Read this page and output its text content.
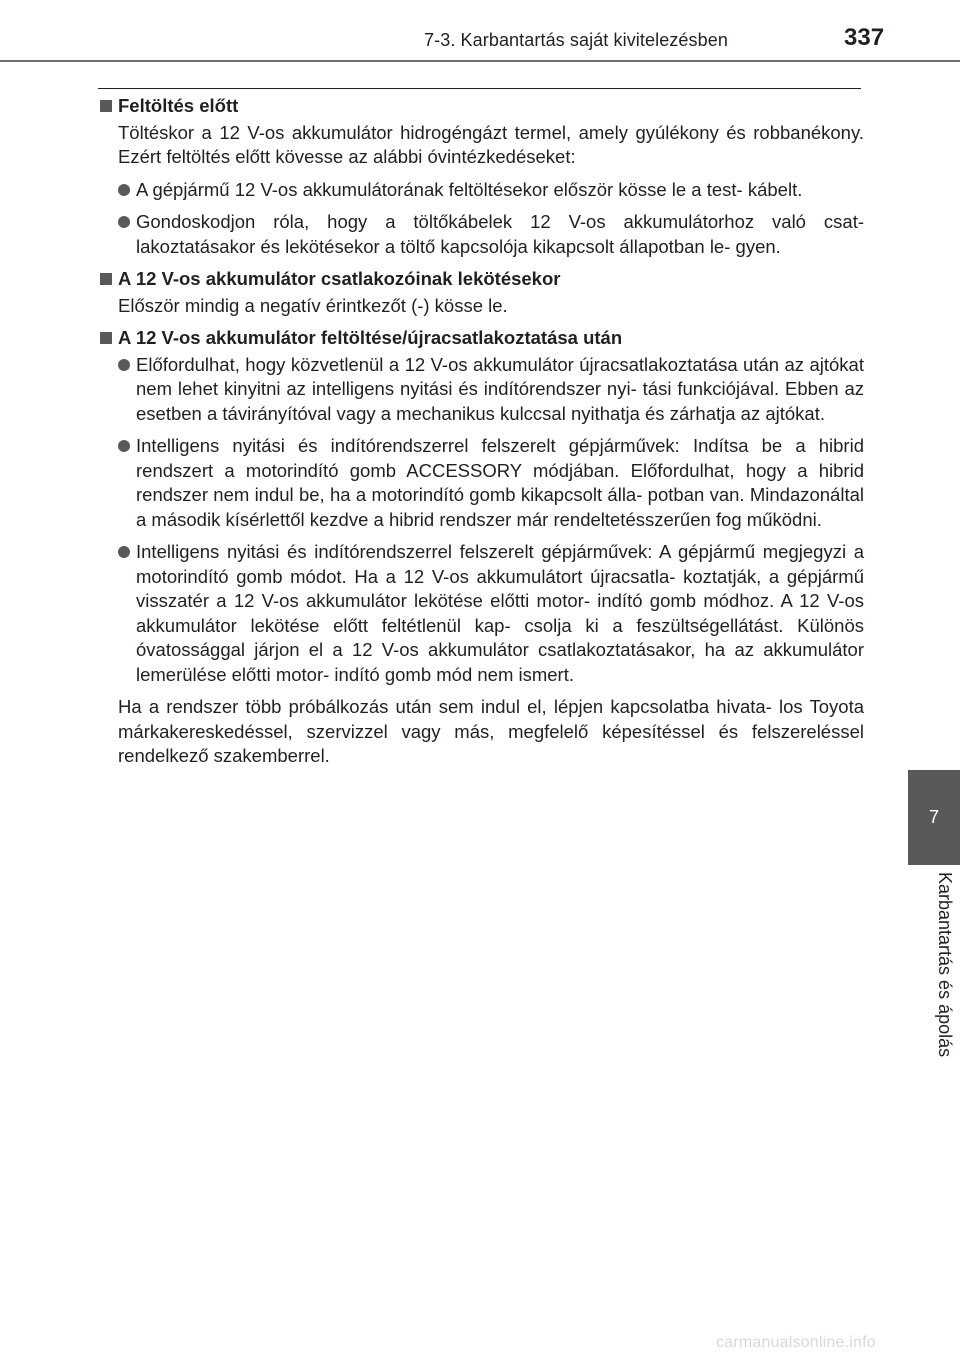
7-3. Karbantartás saját kivitelezésben	337
7
Karbantartás és ápolás
Feltöltés előtt

Töltéskor a 12 V-os akkumulátor hidrogéngázt termel, amely gyúlékony és robbanékony. Ezért feltöltés előtt kövesse az alábbi óvintézkedéseket:

A gépjármű 12 V-os akkumulátorának feltöltésekor először kösse le a test- kábelt.
Gondoskodjon róla, hogy a töltőkábelek 12 V-os akkumulátorhoz való csat- lakoztatásakor és lekötésekor a töltő kapcsolója kikapcsolt állapotban le- gyen.
A 12 V-os akkumulátor csatlakozóinak lekötésekor

Először mindig a negatív érintkezőt (-) kösse le.

A 12 V-os akkumulátor feltöltése/újracsatlakoztatása után
Előfordulhat, hogy közvetlenül a 12 V-os akkumulátor újracsatlakoztatása után az ajtókat nem lehet kinyitni az intelligens nyitási és indítórendszer nyi- tási funkciójával. Ebben az esetben a távirányítóval vagy a mechanikus kulccsal nyithatja és zárhatja az ajtókat.
Intelligens nyitási és indítórendszerrel felszerelt gépjárművek: Indítsa be a hibrid rendszert a motorindító gomb ACCESSORY módjában. Előfordulhat, hogy a hibrid rendszer nem indul be, ha a motorindító gomb kikapcsolt álla- potban van. Mindazonáltal a második kísérlettől kezdve a hibrid rendszer már rendeltetésszerűen fog működni.
Intelligens nyitási és indítórendszerrel felszerelt gépjárművek: A gépjármű megjegyzi a motorindító gomb módot. Ha a 12 V-os akkumulátort újracsatla- koztatják, a gépjármű visszatér a 12 V-os akkumulátor lekötése előtti motor- indító gomb módhoz. A 12 V-os akkumulátor lekötése előtt feltétlenül kap- csolja ki a feszültségellátást. Különös óvatossággal járjon el a 12 V-os akkumulátor csatlakoztatásakor, ha az akkumulátor lemerülése előtti motor- indító gomb mód nem ismert.

Ha a rendszer több próbálkozás után sem indul el, lépjen kapcsolatba hivata- los Toyota márkakereskedéssel, szervizzel vagy más, megfelelő képesítéssel és felszereléssel rendelkező szakemberrel.

carmanualsonline.info
